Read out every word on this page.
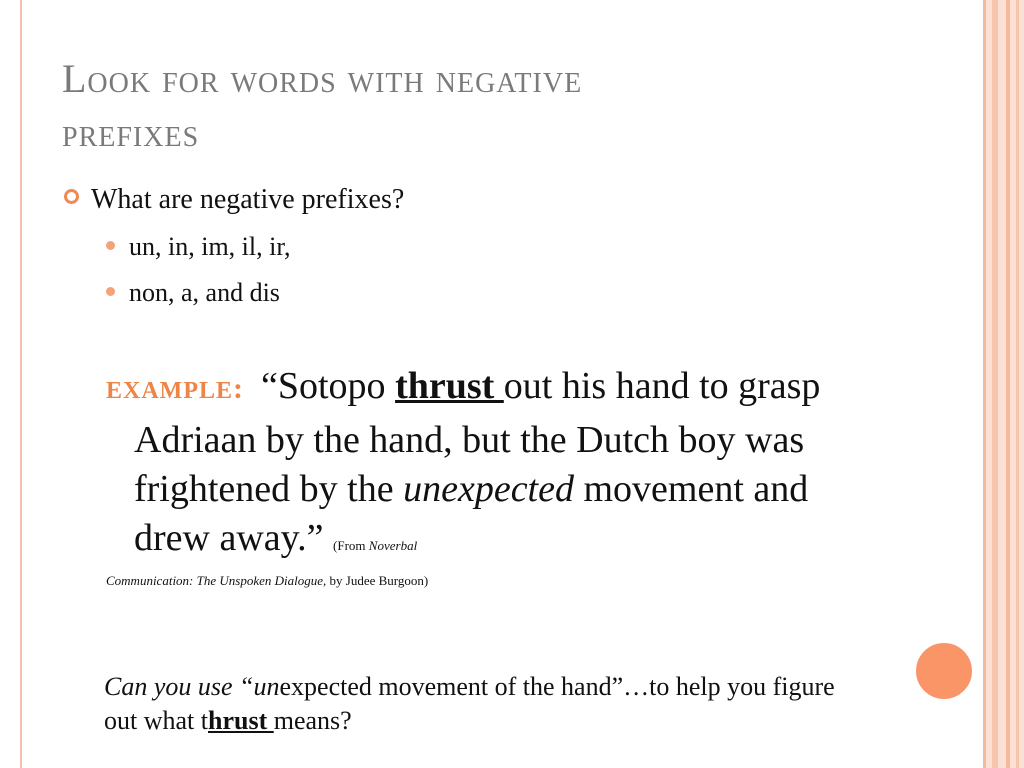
Look for words with negative
prefixes
What are negative prefixes?
un, in, im, il, ir,
non, a, and dis
EXAMPLE: “Sotopo thrust out his hand to grasp Adriaan by the hand, but the Dutch boy was frightened by the unexpected movement and drew away.” (From Noverbal
Communication: The Unspoken Dialogue, by Judee Burgoon)
Can you use “unexpected movement of the hand”…to help you figure out what thrust means?
